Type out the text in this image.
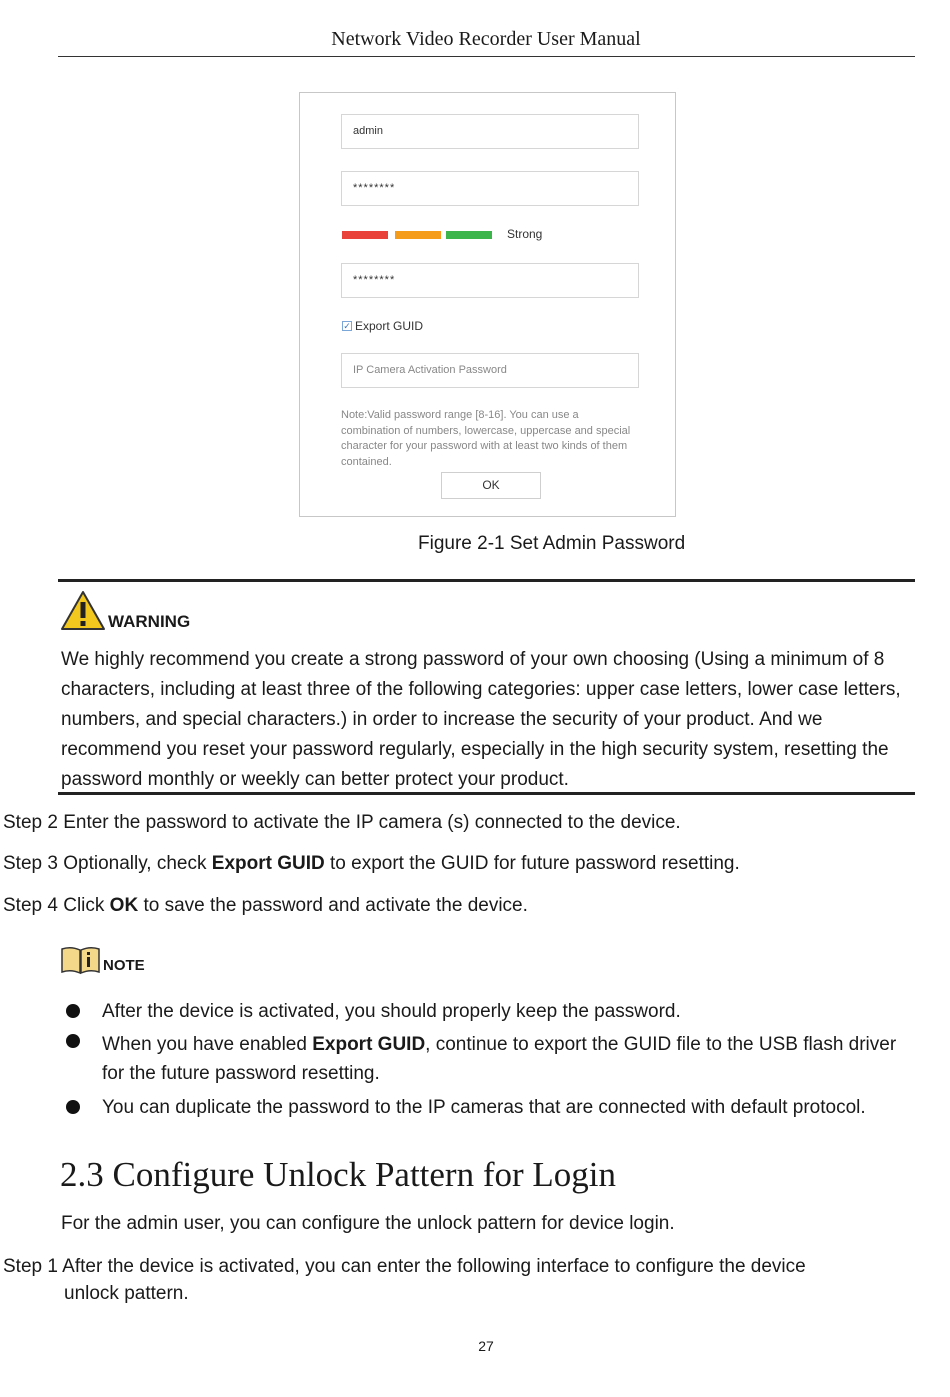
Network Video Recorder User Manual
admin
********
Strong
********
✓ Export GUID
IP Camera Activation Password
Note:Valid password range [8-16]. You can use a combination of numbers, lowercase, uppercase and special character for your password with at least two kinds of them contained.
OK
Figure 2-1 Set Admin Password
WARNING
We highly recommend you create a strong password of your own choosing (Using a minimum of 8 characters, including at least three of the following categories: upper case letters, lower case letters, numbers, and special characters.) in order to increase the security of your product. And we recommend you reset your password regularly, especially in the high security system, resetting the password monthly or weekly can better protect your product.
Step 2 Enter the password to activate the IP camera (s) connected to the device.
Step 3 Optionally, check Export GUID to export the GUID for future password resetting.
Step 4 Click OK to save the password and activate the device.
NOTE
After the device is activated, you should properly keep the password.
When you have enabled Export GUID, continue to export the GUID file to the USB flash driver for the future password resetting.
You can duplicate the password to the IP cameras that are connected with default protocol.
2.3 Configure Unlock Pattern for Login
For the admin user, you can configure the unlock pattern for device login.
Step 1 After the device is activated, you can enter the following interface to configure the device
unlock pattern.
27
